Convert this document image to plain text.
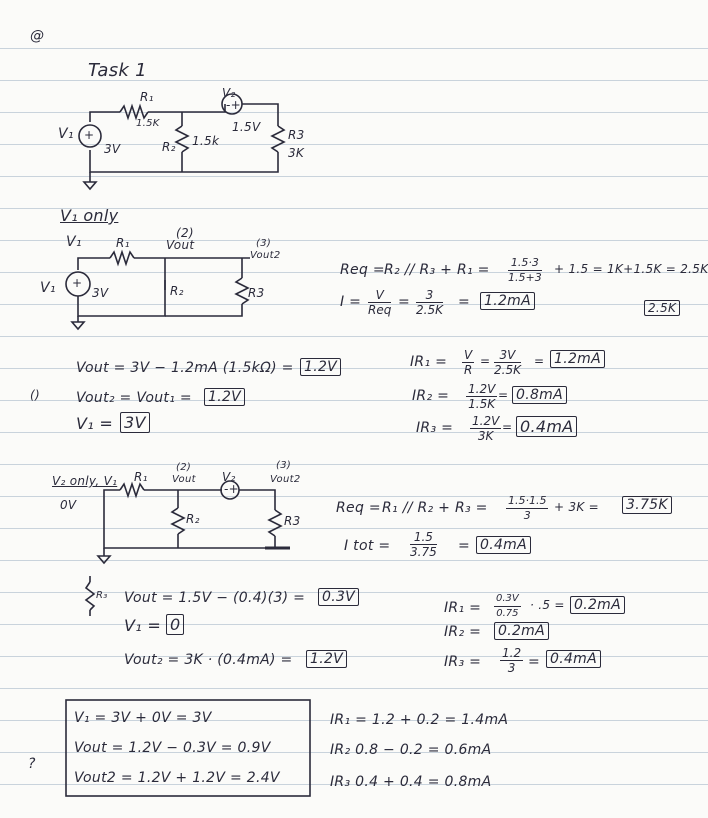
@
()
?
Task 1
V₁ +
3V
R₁
1.5K
V₂
-+
1.5V
R₂ 1.5k	R3
3K
V₁ only
V₁	R₁
(2)
Vout	(3)
Vout2
V₁ +
3V	R₂	R3
Req = $R_2 // R_3 + R_1 = \frac{1.5\cdot 3}{1.5+3} + 1.5 = 1K+1.5K = 2.5K$
2.5K
I =	V
Req = $\frac{3}{2.5K} = 1.2mA$
Vout = 3V − 1.2mA (1.5kΩ) = 1.2V
Vout₂ = Vout₁ = 1.2V
V₁ = 3V
$IR_1 = \frac{V}{R} = \frac{3V}{2.5K} = 1.2mA$
$IR_2 = \frac{1.2V}{1.5K} = 0.8mA$
$IR_3 = \frac{1.2V}{3K} = 0.4mA$
V₂ only, V₁
0V
R₁
(2)
Vout V₂
-+
(3)
Vout2
R₂	R3
R₃
Req = $R_1 // R_2 + R_3 = \frac{1.5\cdot 1.5}{3} + 3K = 3.75K$
I tot = $\frac{1.5}{3.75} = 0.4mA$
Vout = 1.5V − (0.4)(3) = 0.3V
V₁ = 0
Vout₂ = 3K · (0.4mA) = 1.2V
$IR_1 = \frac{0.3V}{0.75} \cdot .5 = 0.2mA$
IR₂ = 0.2mA
$IR_3 = \frac{1.2}{3} = 0.4mA$
V₁ = 3V + 0V = 3V
Vout = 1.2V − 0.3V = 0.9V
Vout2 = 1.2V + 1.2V = 2.4V
IR₁ = 1.2 + 0.2 = 1.4mA
IR₂ 0.8 − 0.2 = 0.6mA
IR₃ 0.4 + 0.4 = 0.8mA
